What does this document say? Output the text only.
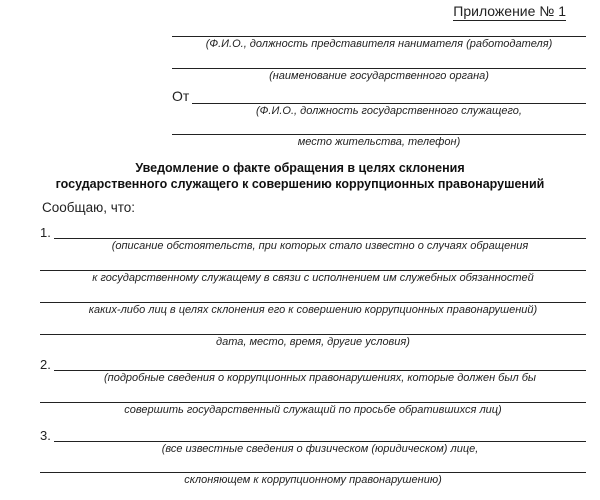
Приложение № 1
(Ф.И.О., должность представителя нанимателя (работодателя)
(наименование государственного органа)
От
(Ф.И.О., должность государственного служащего,
место жительства, телефон)
Уведомление о факте обращения в целях склонения
государственного служащего к совершению коррупционных правонарушений
Сообщаю, что:
1.
(описание обстоятельств, при которых стало известно о случаях обращения
к государственному служащему в связи с исполнением им служебных обязанностей
каких-либо лиц в целях склонения его к совершению коррупционных правонарушений)
дата, место, время, другие условия)
2.
(подробные сведения о коррупционных правонарушениях, которые должен был бы
совершить государственный служащий по просьбе обратившихся лиц)
3.
(все известные сведения о физическом (юридическом) лице,
склоняющем к коррупционному правонарушению)
